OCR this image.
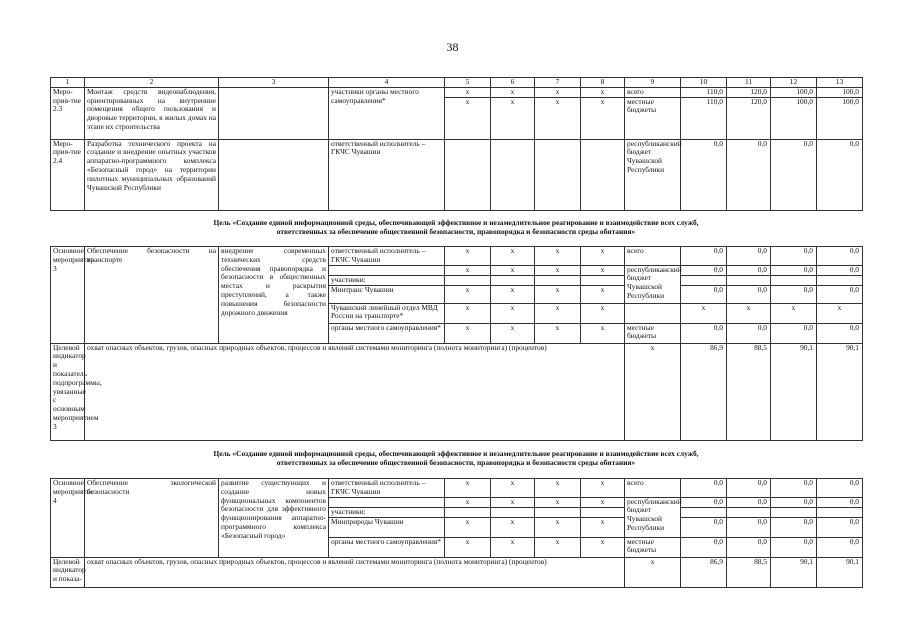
38
1	2	3	4	5	6	7	8	9	10	11	12	13
Меро-прия-тие 2.3	Монтаж средств видеонаблюдения, ориентированных на внутренние помещения общего пользования и дворовые территории, в жилых домах на этапе их строительства		участники органы местного самоуправления*	x	x	x	x	всего	110,0	120,0	100,0	100,0
				x	x	x	x	местные бюджеты	110,0	120,0	100,0	100,0
Меро-прия-тие 2.4	Разработка технического проекта на создание и внедрение опытных участков аппаратно-программного комплекса «Безопасный город» на территории пилотных муниципальных образований Чувашской Республики		ответственный исполнитель – ГКЧС Чувашии					республиканский бюджет Чувашской Республики	0,0	0,0	0,0	0,0
Цель «Создание единой информационной среды, обеспечивающей эффективное и незамедлительное реагирование и взаимодействие всех служб,
ответственных за обеспечение общественной безопасности, правопорядка и безопасности среды обитания»
Основное мероприятие 3	Обеспечение безопасности на транспорте	внедрение современных технических средств обеспечения правопорядка и безопасности в общественных местах и раскрытия преступлений, а также повышения безопасности дорожного движения	ответственный исполнитель – ГКЧС Чувашии	x	x	x	x	всего	0,0	0,0	0,0	0,0
				x	x	x	x	республиканский бюджет Чувашской Республики	0,0	0,0	0,0	0,0
			участники:									
			Минтранс Чувашии	x	x	x	x		0,0	0,0	0,0	0,0
			Чувашский линейный отдел МВД России на транспорте*	x	x	x	x		x	x	x	x
			органы местного самоуправления*	x	x	x	x	местные бюджеты	0,0	0,0	0,0	0,0
Целевой индикатор и показатель подпрограммы, увязанные с основным мероприятием 3	охват опасных объектов, грузов, опасных природных объектов, процессов и явлений системами мониторинга (полнота мониторинга) (процентов)							x	86,9	88,5	90,1	90,1
Цель «Создание единой информационной среды, обеспечивающей эффективное и незамедлительное реагирование и взаимодействие всех служб,
ответственных за обеспечение общественной безопасности, правопорядка и безопасности среды обитания»
Основное мероприятие 4	Обеспечение экологической безопасности	развитие существующих и создание новых функциональных компонентов безопасности для эффективного функционирования аппаратно-программного комплекса «Безопасный город»	ответственный исполнитель – ГКЧС Чувашии	x	x	x	x	всего	0,0	0,0	0,0	0,0
				x	x	x	x	республиканский бюджет Чувашской Республики	0,0	0,0	0,0	0,0
			участники:									
			Минприроды Чувашии	x	x	x	x		0,0	0,0	0,0	0,0
			органы местного самоуправления*	x	x	x	x	местные бюджеты	0,0	0,0	0,0	0,0
Целевой индикатор и показа-	охват опасных объектов, грузов, опасных природных объектов, процессов и явлений системами мониторинга (полнота мониторинга) (процентов)							x	86,9	88,5	90,1	90,1
